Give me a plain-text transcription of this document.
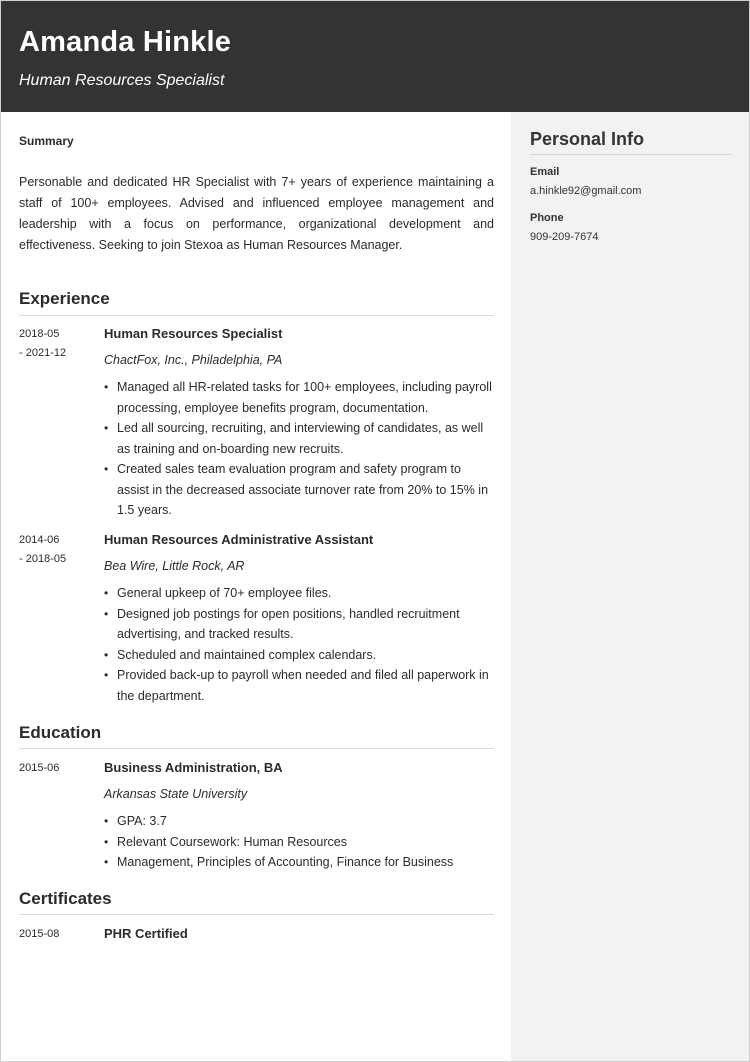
Amanda Hinkle
Human Resources Specialist
Summary
Personable and dedicated HR Specialist with 7+ years of experience maintaining a staff of 100+ employees. Advised and influenced employee management and leadership with a focus on performance, organizational development and effectiveness. Seeking to join Stexoa as Human Resources Manager.
Experience
2018-05
- 2021-12
Human Resources Specialist
ChactFox, Inc., Philadelphia, PA
• Managed all HR-related tasks for 100+ employees, including payroll processing, employee benefits program, documentation.
• Led all sourcing, recruiting, and interviewing of candidates, as well as training and on-boarding new recruits.
• Created sales team evaluation program and safety program to assist in the decreased associate turnover rate from 20% to 15% in 1.5 years.
2014-06
- 2018-05
Human Resources Administrative Assistant
Bea Wire, Little Rock, AR
• General upkeep of 70+ employee files.
• Designed job postings for open positions, handled recruitment advertising, and tracked results.
• Scheduled and maintained complex calendars.
• Provided back-up to payroll when needed and filed all paperwork in the department.
Education
2015-06	Business Administration, BA
Arkansas State University
• GPA: 3.7
• Relevant Coursework: Human Resources
• Management, Principles of Accounting, Finance for Business
Certificates
2015-08	PHR Certified
Personal Info
Email
a.hinkle92@gmail.com
Phone
909-209-7674
